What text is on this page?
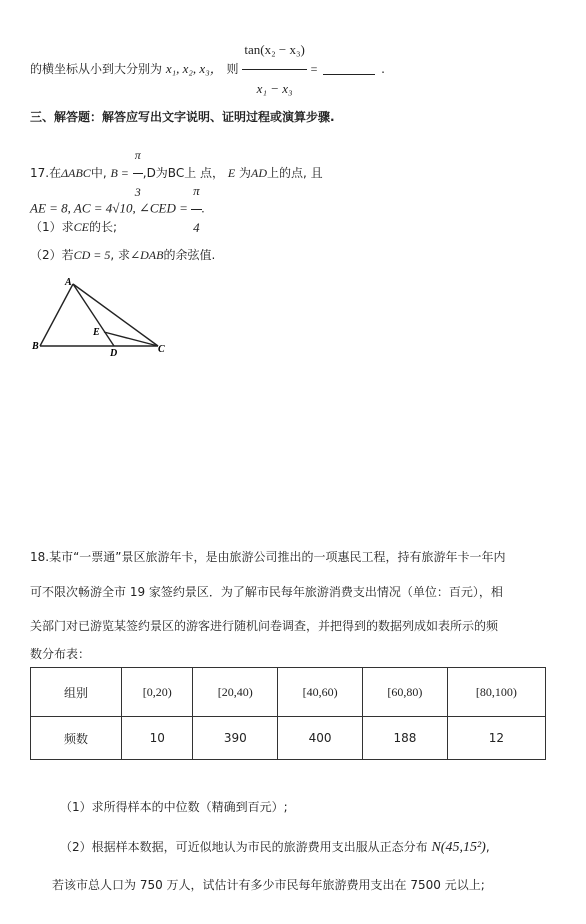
的横坐标从小到大分别为 x₁, x₂, x₃， 则 $\frac{\text{tan(x₂ − x₃)}}{\text{x₁ − x₃}}$ =	.
三、解答题：解答应写出文字说明、证明过程或演算步骤.
17.在ΔABC中, $B = \frac{\pi}{3} ,D$为BC上 点， E 为AD上的点, 且
AE = 8, AC = 4√10, ∠CED = $\frac{\pi}{4}$ .
（1）求CE的长;
（2）若CD = 5, 求∠DAB的余弦值.
A
B	C
D
E
18.某市“一票通”景区旅游年卡，是由旅游公司推出的一项惠民工程，持有旅游年卡一年内
可不限次畅游全市 19 家签约景区．为了解市民每年旅游消费支出情况（单位：百元），相
关部门对已游览某签约景区的游客进行随机问卷调查，并把得到的数据列成如表所示的频
数分布表：
组别	[0,20)	[20,40)	[40,60)	[60,80)	[80,100)
频数	10	390	400	188	12
（1）求所得样本的中位数（精确到百元）;
（2）根据样本数据，可近似地认为市民的旅游费用支出服从正态分布 N(45,15²),
若该市总人口为 750 万人，试估计有多少市民每年旅游费用支出在 7500 元以上;
